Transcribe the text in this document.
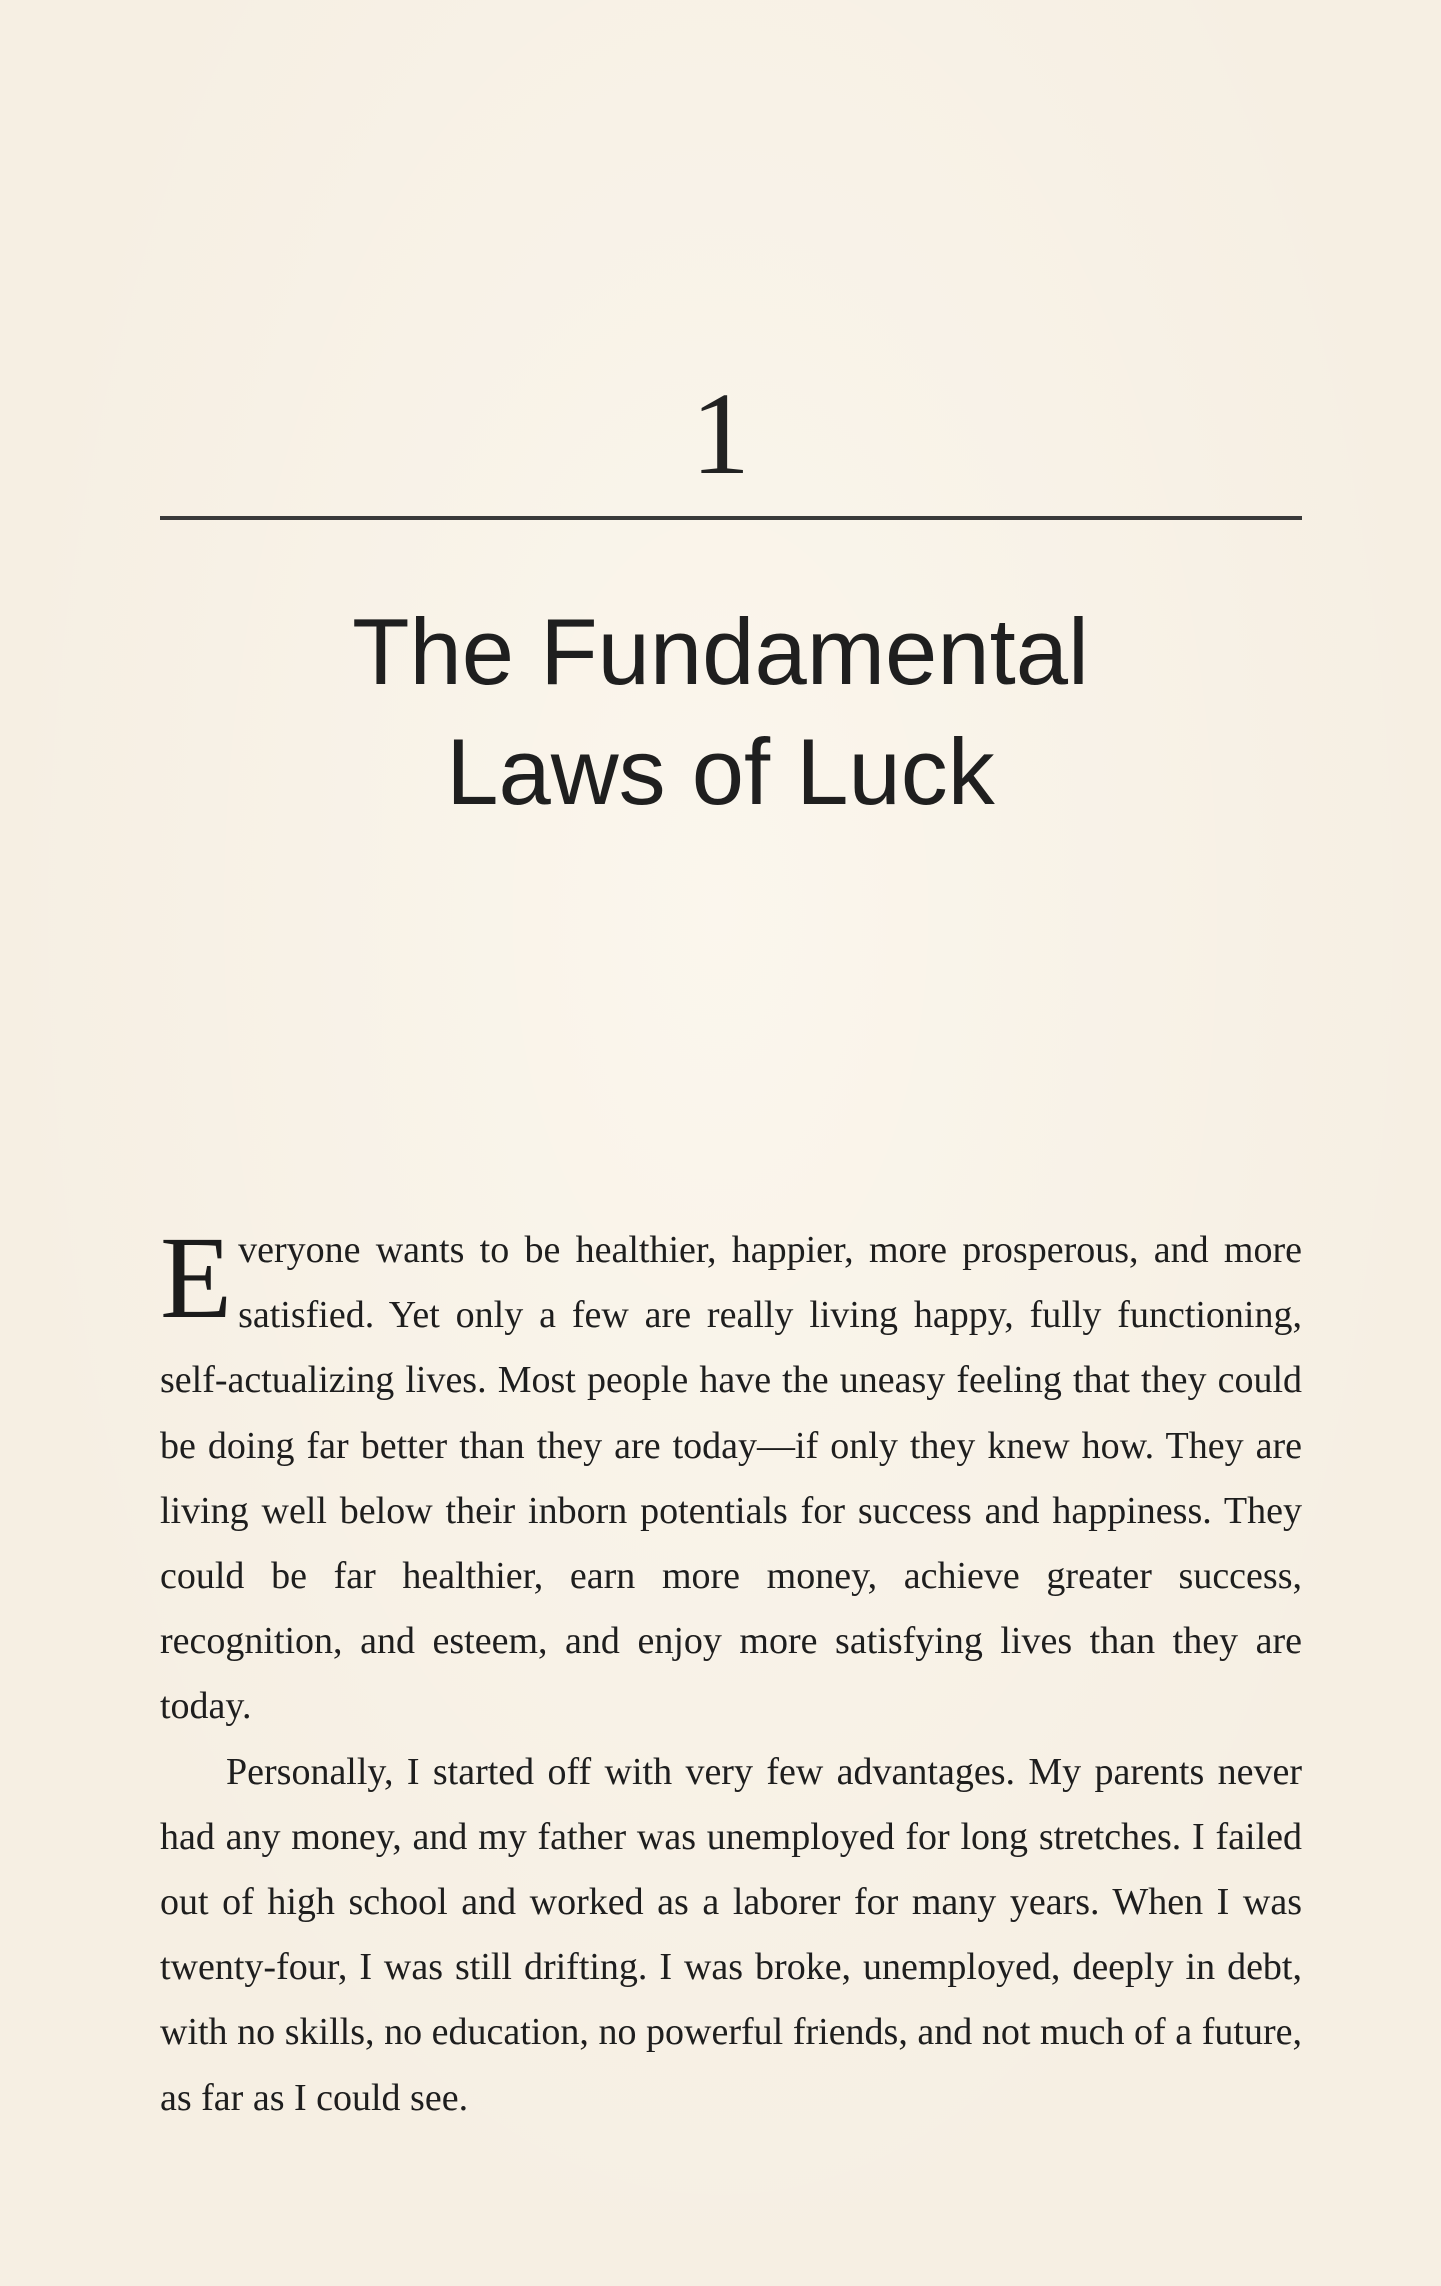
1
The Fundamental
Laws of Luck

Everyone wants to be healthier, happier, more prosperous, and more satisfied. Yet only a few are really living happy, fully functioning, self-actualizing lives. Most people have the uneasy feeling that they could be doing far better than they are today—if only they knew how. They are living well below their inborn potentials for success and happiness. They could be far healthier, earn more money, achieve greater success, recognition, and esteem, and enjoy more satisfying lives than they are today.

Personally, I started off with very few advantages. My parents never had any money, and my father was unemployed for long stretches. I failed out of high school and worked as a laborer for many years. When I was twenty-four, I was still drifting. I was broke, unemployed, deeply in debt, with no skills, no education, no powerful friends, and not much of a future, as far as I could see.
